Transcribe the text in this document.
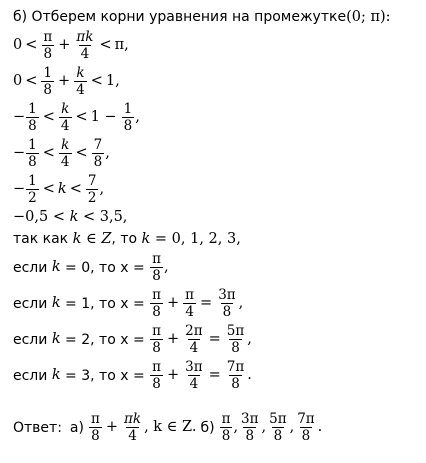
б) Отберем корни уравнения на промежутке (0; π):
$0 < \frac{\pi}{8} + \frac{\pi k}{4} < \pi$,
$0 < \frac{1}{8} + \frac{k}{4} < 1$,
− $\frac{1}{8} < \frac{k}{4} < 1 - \frac{1}{8}$ ,
− $\frac{1}{8} < \frac{k}{4} < \frac{7}{8}$ ,
− $\frac{1}{2} < k < \frac{7}{2}$ ,
−0,5 < k < 3,5,
так как k ∈ Z , то k = 0, 1, 2, 3,
если k = 0, то $x = \frac{\pi}{8}$ ,
если k = 1, то $x = \frac{\pi}{8} + \frac{\pi}{4} = \frac{3\pi}{8}$ ,
если k = 2, то $x = \frac{\pi}{8} + \frac{2\pi}{4} = \frac{5\pi}{8}$ ,
если k = 3, то $x = \frac{\pi}{8} + \frac{3\pi}{4} = \frac{7\pi}{8}$ .
Ответ: $а) \frac{\pi}{8} + \frac{\pi k}{4}$ , k ∈ Z. $б) \frac{\pi}{8}$ , $\frac{3\pi}{8}$ , $\frac{5\pi}{8}$ , $\frac{7\pi}{8}$ .
